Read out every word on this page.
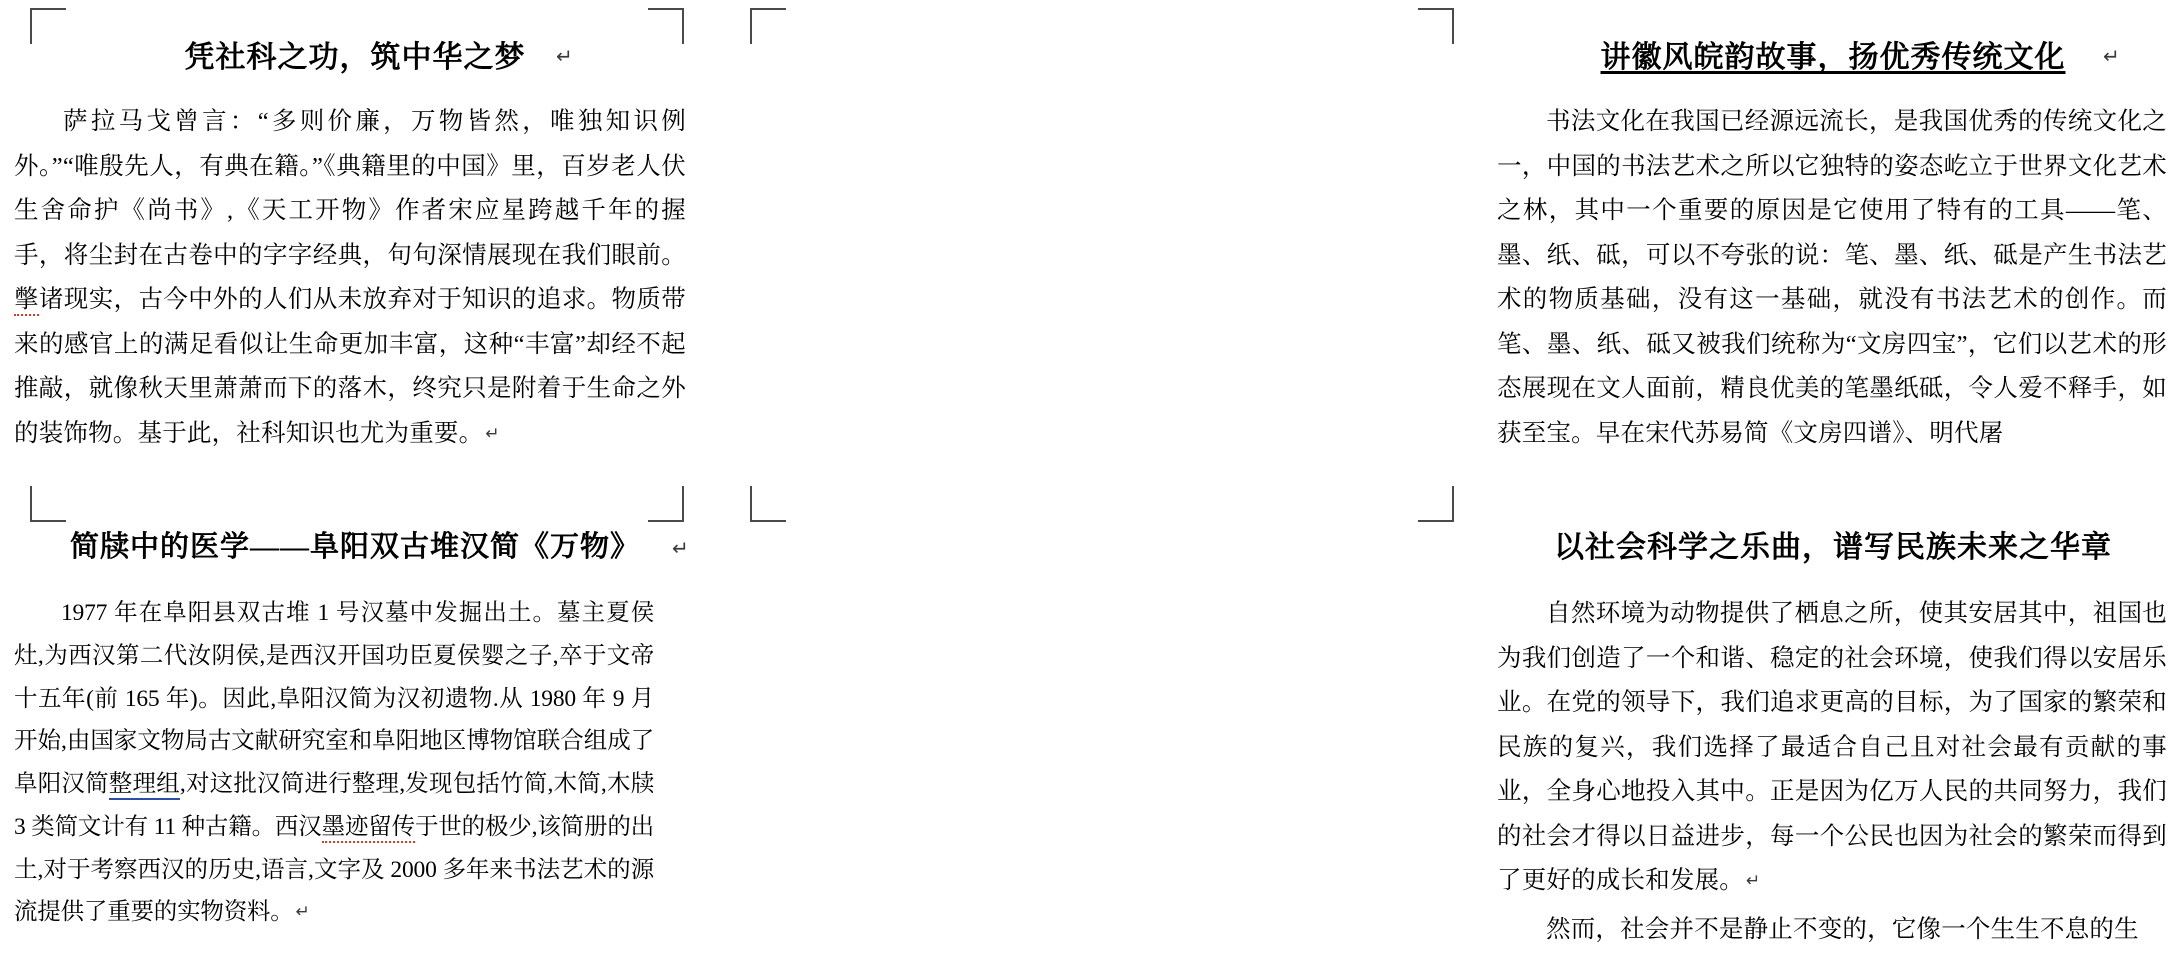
凭社科之功，筑中华之梦	↵

萨拉马戈曾言：“多则价廉，万物皆然，唯独知识例外。”“唯殷先人，有典在籍。”《典籍里的中国》里，百岁老人伏生舍命护《尚书》,《天工开物》作者宋应星跨越千年的握手，将尘封在古卷中的字字经典，句句深情展现在我们眼前。撆诸现实，古今中外的人们从未放弃对于知识的追求。物质带来的感官上的满足看似让生命更加丰富，这种“丰富”却经不起推敲，就像秋天里萧萧而下的落木，终究只是附着于生命之外的装饰物。基于此，社科知识也尤为重要。 ↵

简牍中的医学——阜阳双古堆汉简《万物》	↵

1977 年在阜阳县双古堆 1 号汉墓中发掘出土。墓主夏侯灶,为西汉第二代汝阴侯,是西汉开国功臣夏侯婴之子,卒于文帝十五年(前 165 年)。因此,阜阳汉简为汉初遗物.从 1980 年 9 月开始,由国家文物局古文献研究室和阜阳地区博物馆联合组成了阜阳汉简整理组,对这批汉简进行整理,发现包括竹简,木简,木牍 3 类简文计有 11 种古籍。西汉墨迹留传于世的极少,该简册的出土,对于考察西汉的历史,语言,文字及 2000 多年来书法艺术的源流提供了重要的实物资料。 ↵

讲徽风皖韵故事，扬优秀传统文化	↵

书法文化在我国已经源远流长，是我国优秀的传统文化之一，中国的书法艺术之所以它独特的姿态屹立于世界文化艺术之林，其中一个重要的原因是它使用了特有的工具——笔、墨、纸、砥，可以不夸张的说：笔、墨、纸、砥是产生书法艺术的物质基础，没有这一基础，就没有书法艺术的创作。而笔、墨、纸、砥又被我们统称为“文房四宝”，它们以艺术的形态展现在文人面前，精良优美的笔墨纸砥，令人爱不释手，如获至宝。早在宋代苏易简《文房四谱》、明代屠

以社会科学之乐曲，谱写民族未来之华章

自然环境为动物提供了栖息之所，使其安居其中，祖国也为我们创造了一个和谐、稳定的社会环境，使我们得以安居乐业。在党的领导下，我们追求更高的目标，为了国家的繁荣和民族的复兴，我们选择了最适合自己且对社会最有贡献的事业，全身心地投入其中。正是因为亿万人民的共同努力，我们的社会才得以日益进步，每一个公民也因为社会的繁荣而得到了更好的成长和发展。 ↵

然而，社会并不是静止不变的，它像一个生生不息的生
